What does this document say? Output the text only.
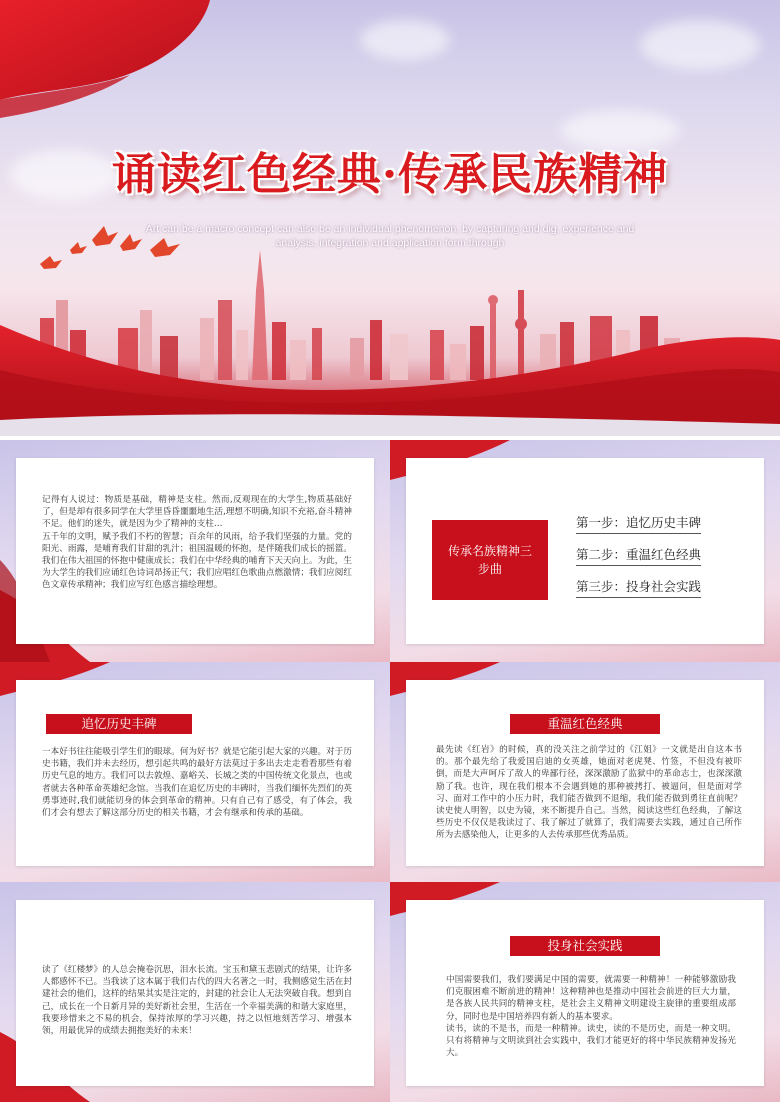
诵读红色经典·传承民族精神
Art can be a macro concept can also be an individual phenomenon, by capturing and dig, experience and analysis, integration and application form through
记得有人说过：物质是基础，精神是支柱。然而,反观现在的大学生,物质基础好了，但是却有很多同学在大学里昏昏噩噩地生活,理想不明确,知识不充裕,奋斗精神不足。他们的迷失，就是因为少了精神的支柱…
五千年的文明，赋予我们不朽的智慧；百余年的风雨，给予我们坚强的力量。党的阳光、雨露，是哺育我们甘甜的乳汁；祖国温暖的怀抱，是伴随我们成长的摇篮。我们在伟大祖国的怀抱中健康成长；我们在中华经典的哺育下天天向上。为此，生为大学生的我们应诵红色诗词昂扬正气；我们应唱红色歌曲点燃激情；我们应阅红色文章传承精神；我们应写红色感言描绘理想。
传承名族精神三步曲
第一步：追忆历史丰碑
第二步：重温红色经典
第三步：投身社会实践
追忆历史丰碑
一本好书往往能吸引学生们的眼球。何为好书？就是它能引起大家的兴趣。对于历史书籍，我们并未去经历，想引起共鸣的最好方法莫过于多出去走走看看那些有着历史气息的地方。我们可以去敦煌、嘉峪关、长城之类的中国传统文化景点，也或者就去各种革命英雄纪念馆。当我们在追忆历史的丰碑时，当我们缅怀先烈们的英勇事迹时,我们就能切身的体会到革命的精神。只有自己有了感受，有了体会，我们才会有想去了解这部分历史的相关书籍，才会有继承和传承的基础。
重温红色经典
最先读《红岩》的时候，真的没关注之前学过的《江姐》一文就是出自这本书的。那个最先给了我爱国启迪的女英雄，她面对老虎凳、竹签，不但没有被吓倒，而是大声呵斥了敌人的卑鄙行径，深深激励了监狱中的革命志士，也深深激励了我。也许，现在我们根本不会遇到她的那种被拷打、被逼问，但是面对学习、面对工作中的小压力时，我们能否做到不退缩，我们能否做到勇往直前呢？读史使人明智，以史为镜，来不断提升自己。当然，阅读这些红色经典，了解这些历史不仅仅是我读过了、我了解过了就算了，我们需要去实践，通过自己所作所为去感染他人，让更多的人去传承那些优秀品质。
读了《红楼梦》的人总会掩卷沉思，泪水长流。宝玉和黛玉悲剧式的结果，让许多人都感怀不已。当我读了这本属于我们古代的四大名著之一时，我侧感觉生活在封建社会的他们，这样的结果其实是注定的，封建的社会让人无法突破自我。想到自己，成长在一个日新月异的美好新社会里，生活在一个幸福美满的和谐大家庭里，我要珍惜来之不易的机会，保持浓厚的学习兴趣，持之以恒地刻苦学习、增强本领，用最优异的成绩去拥抱美好的未来！
投身社会实践
中国需要我们，我们要满足中国的需要，就需要一种精神！一种能够激励我们克服困难不断前进的精神！这种精神也是推动中国社会前进的巨大力量，是各族人民共同的精神支柱，是社会主义精神文明建设主旋律的重要组成部分，同时也是中国培养四有新人的基本要求。
读书，读的不是书，而是一种精神。读史，读的不是历史，而是一种文明。只有将精神与文明读到社会实践中，我们才能更好的将中华民族精神发扬光大。
